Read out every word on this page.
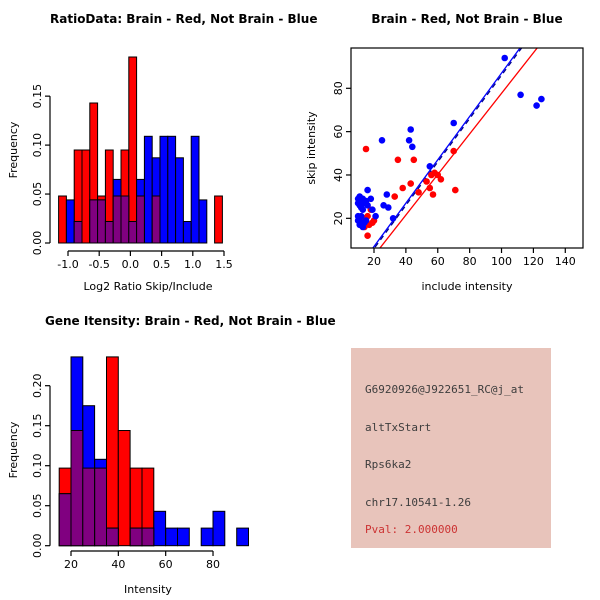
RatioData: Brain - Red, Not Brain - Blue
Frequency
0.00
0.05
0.10
0.15
-1.0 -0.5 0.0 0.5 1.0 1.5
Log2 Ratio Skip/Include
Brain - Red, Not Brain - Blue
skip intensity
20 40 60 80 100 120 140
20
40
60
80
include intensity
Gene Itensity: Brain - Red, Not Brain - Blue
Frequency
0.00
0.05
0.10
0.15
0.20
20	40	60	80
Intensity
G6920926@J922651_RC@j_at
altTxStart
Rps6ka2
chr17.10541-1.26
Pval: 2.000000
